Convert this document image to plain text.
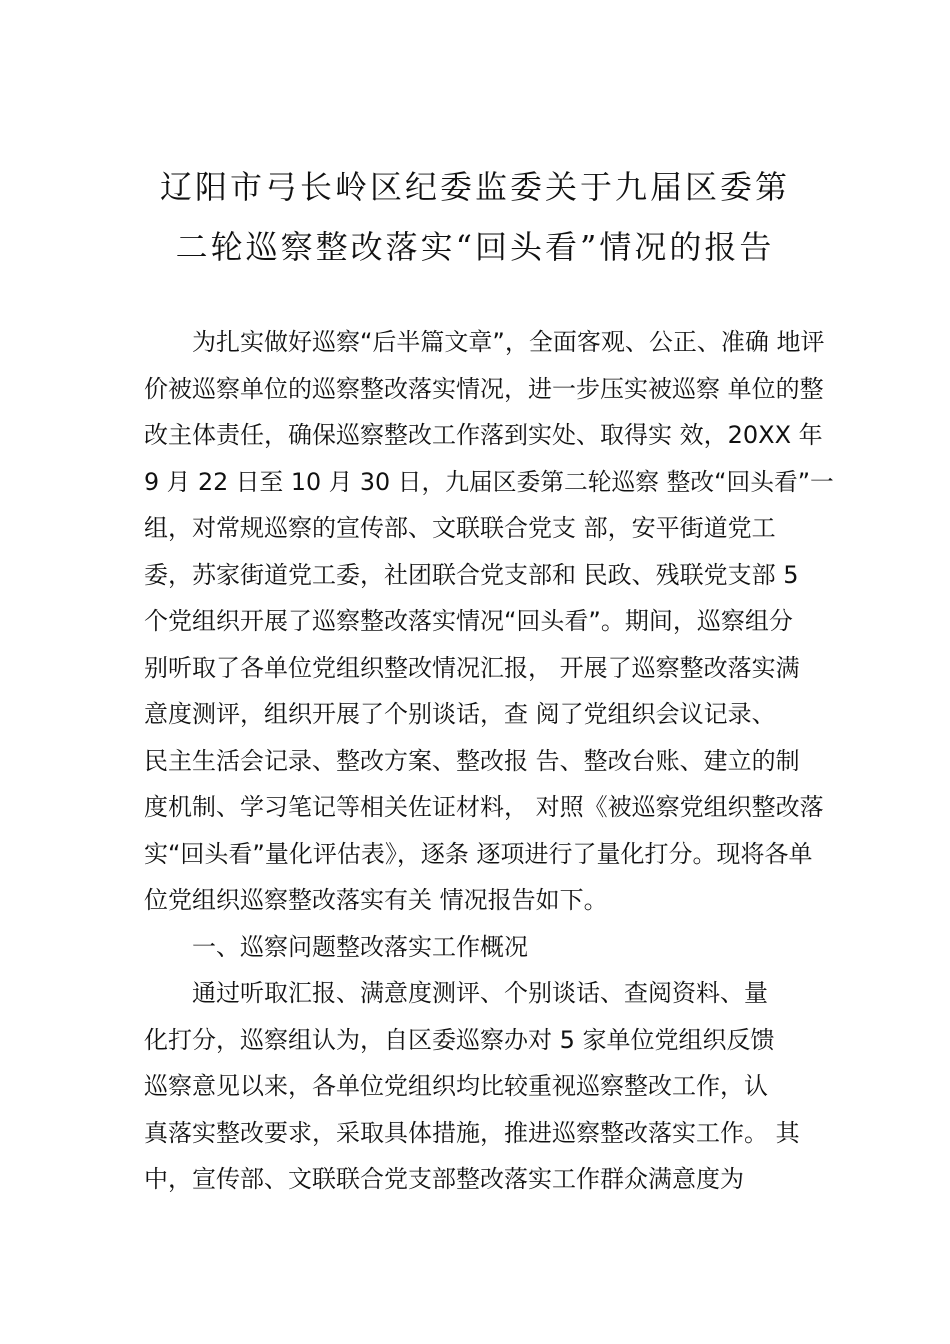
辽阳市弓长岭区纪委监委关于九届区委第
二轮巡察整改落实“回头看”情况的报告
　　为扎实做好巡察“后半篇文章”，全面客观、公正、准确 地评
价被巡察单位的巡察整改落实情况，进一步压实被巡察 单位的整
改主体责任，确保巡察整改工作落到实处、取得实 效，20XX 年
9 月 22 日至 10 月 30 日，九届区委第二轮巡察 整改“回头看”一
组，对常规巡察的宣传部、文联联合党支 部，安平街道党工
委，苏家街道党工委，社团联合党支部和 民政、残联党支部 5
个党组织开展了巡察整改落实情况“回头看”。期间，巡察组分
别听取了各单位党组织整改情况汇报， 开展了巡察整改落实满
意度测评，组织开展了个别谈话，查 阅了党组织会议记录、
民主生活会记录、整改方案、整改报 告、整改台账、建立的制
度机制、学习笔记等相关佐证材料， 对照《被巡察党组织整改落
实“回头看”量化评估表》，逐条 逐项进行了量化打分。现将各单
位党组织巡察整改落实有关 情况报告如下。
　　一、巡察问题整改落实工作概况
　　通过听取汇报、满意度测评、个别谈话、查阅资料、量
化打分，巡察组认为，自区委巡察办对 5 家单位党组织反馈
巡察意见以来，各单位党组织均比较重视巡察整改工作，认
真落实整改要求，采取具体措施，推进巡察整改落实工作。 其
中，宣传部、文联联合党支部整改落实工作群众满意度为
